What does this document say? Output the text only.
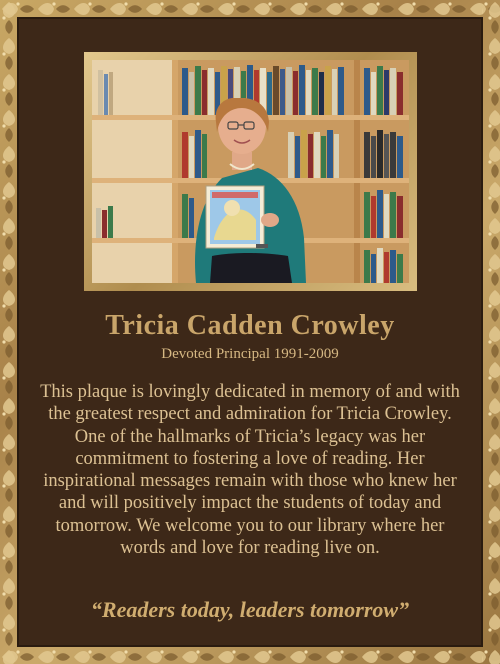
Tricia Cadden Crowley
Devoted Principal 1991-2009
This plaque is lovingly dedicated in memory of and with
the greatest respect and admiration for Tricia Crowley.
One of the hallmarks of Tricia’s legacy was her
commitment to fostering a love of reading. Her
inspirational messages remain with those who knew her
and will positively impact the students of today and
tomorrow. We welcome you to our library where her
words and love for reading live on.
“Readers today, leaders tomorrow”
